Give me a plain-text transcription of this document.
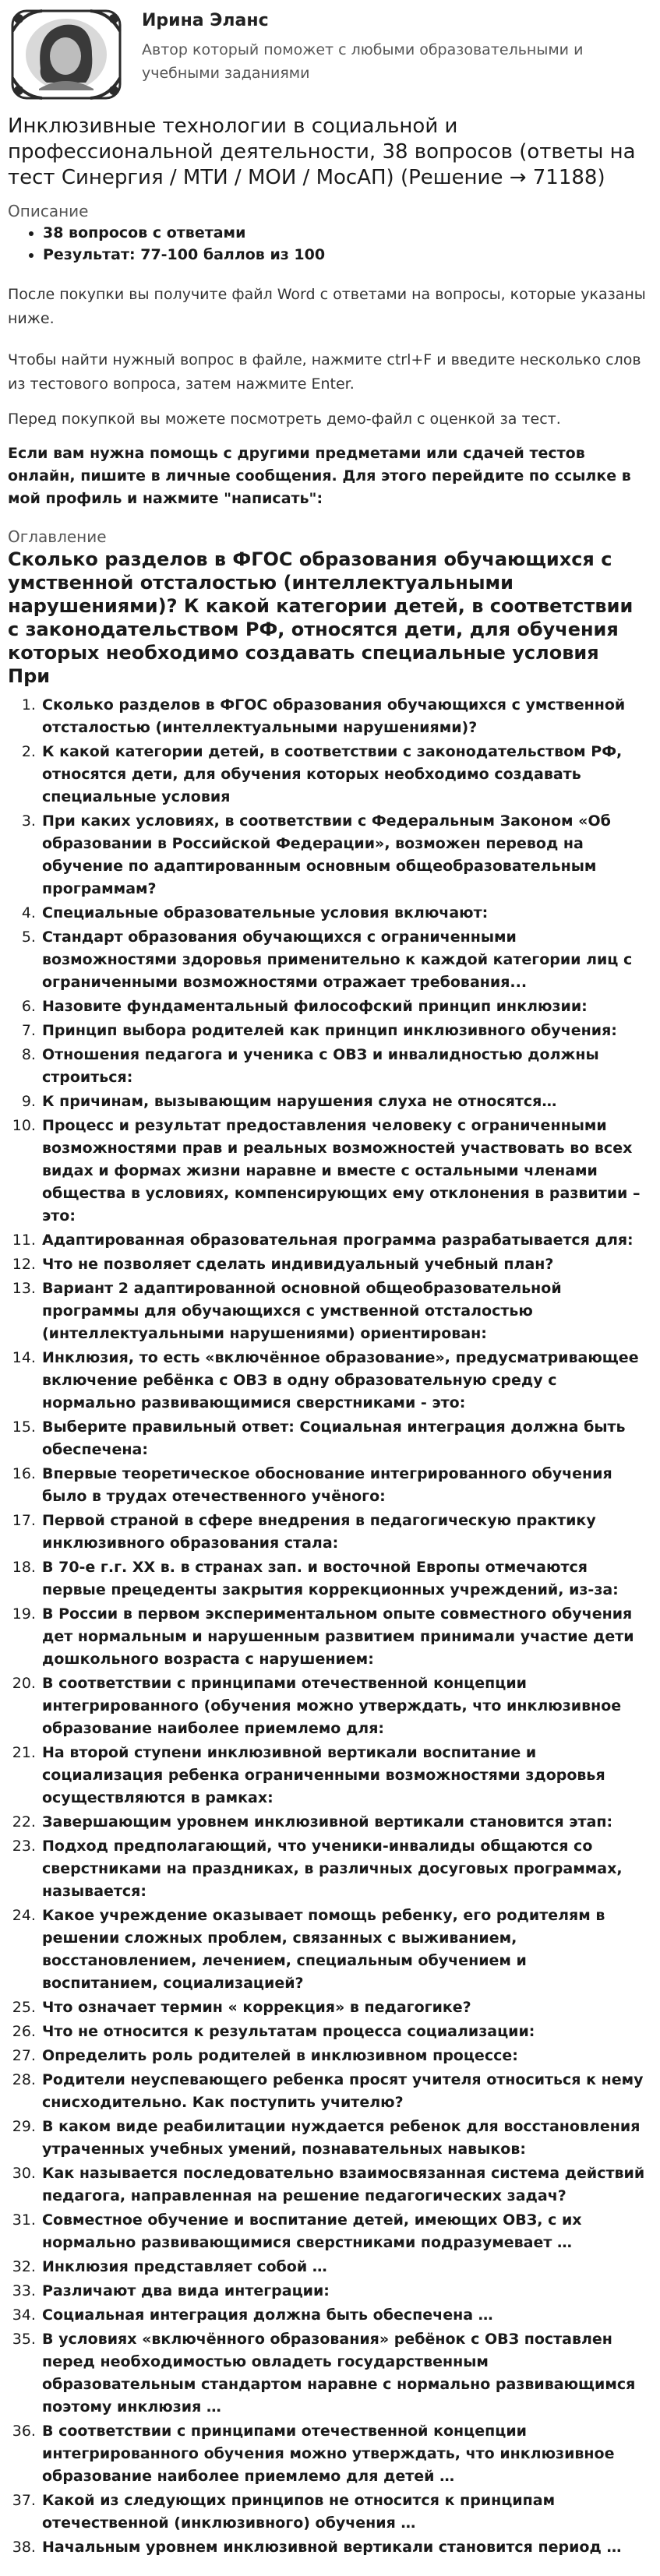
Ирина Эланс
Автор который поможет с любыми образовательными и учебными заданиями
Инклюзивные технологии в социальной и профессиональной деятельности, 38 вопросов (ответы на тест Синергия / МТИ / МОИ / МосАП) (Решение → 71188)
Описание
• 38 вопросов с ответами
• Результат: 77-100 баллов из 100
После покупки вы получите файл Word с ответами на вопросы, которые указаны ниже.
Чтобы найти нужный вопрос в файле, нажмите ctrl+F и введите несколько слов из тестового вопроса, затем нажмите Enter.
Перед покупкой вы можете посмотреть демо-файл с оценкой за тест.
Если вам нужна помощь с другими предметами или сдачей тестов онлайн, пишите в личные сообщения. Для этого перейдите по ссылке в мой профиль и нажмите "написать":
Оглавление
Сколько разделов в ФГОС образования обучающихся с умственной отсталостью (интеллектуальными нарушениями)? К какой категории детей, в соответствии с законодательством РФ, относятся дети, для обучения которых необходимо создавать специальные условия При
1. Сколько разделов в ФГОС образования обучающихся с умственной отсталостью (интеллектуальными нарушениями)?
2. К какой категории детей, в соответствии с законодательством РФ, относятся дети, для обучения которых необходимо создавать специальные условия
3. При каких условиях, в соответствии с Федеральным Законом «Об образовании в Российской Федерации», возможен перевод на обучение по адаптированным основным общеобразовательным программам?
4. Специальные образовательные условия включают:
5. Стандарт образования обучающихся с ограниченными возможностями здоровья применительно к каждой категории лиц с ограниченными возможностями отражает требования...
6. Назовите фундаментальный философский принцип инклюзии:
7. Принцип выбора родителей как принцип инклюзивного обучения:
8. Отношения педагога и ученика с ОВЗ и инвалидностью должны строиться:
9. К причинам, вызывающим нарушения слуха не относятся…
10. Процесс и результат предоставления человеку с ограниченными возможностями прав и реальных возможностей участвовать во всех видах и формах жизни наравне и вместе с остальными членами общества в условиях, компенсирующих ему отклонения в развитии – это:
11. Адаптированная образовательная программа разрабатывается для:
12. Что не позволяет сделать индивидуальный учебный план?
13. Вариант 2 адаптированной основной общеобразовательной программы для обучающихся с умственной отсталостью (интеллектуальными нарушениями) ориентирован:
14. Инклюзия, то есть «включённое образование», предусматривающее включение ребёнка с ОВЗ в одну образовательную среду с нормально развивающимися сверстниками - это:
15. Выберите правильный ответ: Социальная интеграция должна быть обеспечена:
16. Впервые теоретическое обоснование интегрированного обучения было в трудах отечественного учёного:
17. Первой страной в сфере внедрения в педагогическую практику инклюзивного образования стала:
18. В 70-е г.г. XX в. в странах зап. и восточной Европы отмечаются первые прецеденты закрытия коррекционных учреждений, из-за:
19. В России в первом экспериментальном опыте совместного обучения дет нормальным и нарушенным развитием принимали участие дети дошкольного возраста с нарушением:
20. В соответствии с принципами отечественной концепции интегрированного (обучения можно утверждать, что инклюзивное образование наиболее приемлемо для:
21. На второй ступени инклюзивной вертикали воспитание и социализация ребенка ограниченными возможностями здоровья осуществляются в рамках:
22. Завершающим уровнем инклюзивной вертикали становится этап:
23. Подход предполагающий, что ученики-инвалиды общаются со сверстниками на праздниках, в различных досуговых программах, называется:
24. Какое учреждение оказывает помощь ребенку, его родителям в решении сложных проблем, связанных с выживанием, восстановлением, лечением, специальным обучением и воспитанием, социализацией?
25. Что означает термин « коррекция» в педагогике?
26. Что не относится к результатам процесса социализации:
27. Определить роль родителей в инклюзивном процессе:
28. Родители неуспевающего ребенка просят учителя относиться к нему снисходительно. Как поступить учителю?
29. В каком виде реабилитации нуждается ребенок для восстановления утраченных учебных умений, познавательных навыков:
30. Как называется последовательно взаимосвязанная система действий педагога, направленная на решение педагогических задач?
31. Совместное обучение и воспитание детей, имеющих ОВЗ, с их нормально развивающимися сверстниками подразумевает …
32. Инклюзия представляет собой …
33. Различают два вида интеграции:
34. Социальная интеграция должна быть обеспечена …
35. В условиях «включённого образования» ребёнок с ОВЗ поставлен перед необходимостью овладеть государственным образовательным стандартом наравне с нормально развивающимся поэтому инклюзия …
36. В соответствии с принципами отечественной концепции интегрированного обучения можно утверждать, что инклюзивное образование наиболее приемлемо для детей …
37. Какой из следующих принципов не относится к принципам отечественной (инклюзивного) обучения …
38. Начальным уровнем инклюзивной вертикали становится период …
